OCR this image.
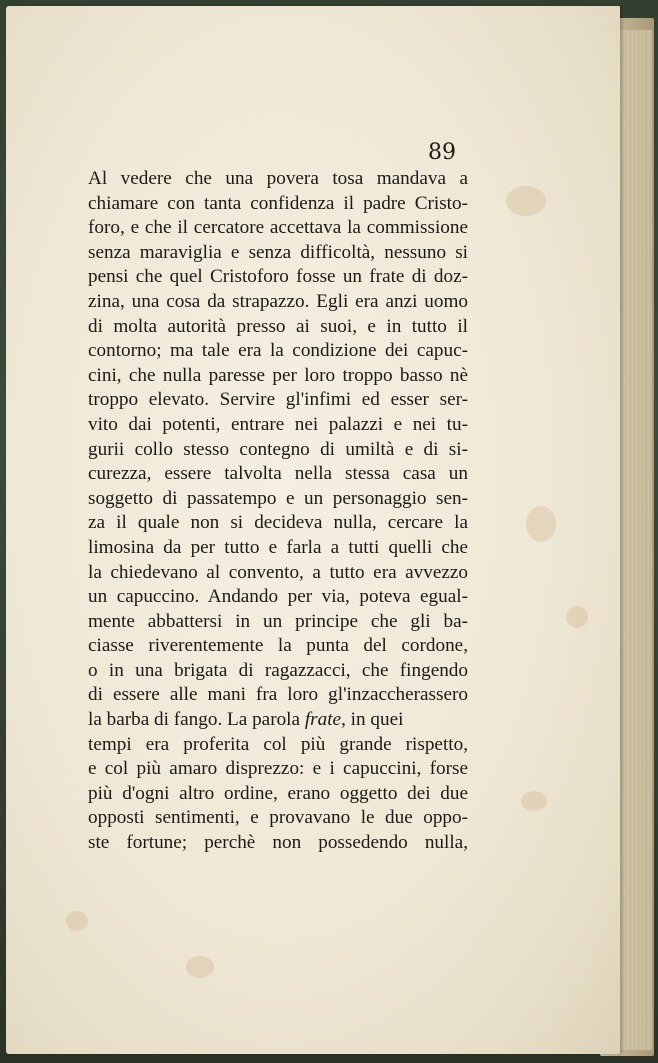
89

Al vedere che una povera tosa mandava a
chiamare con tanta confidenza il padre Cristo-
foro, e che il cercatore accettava la commissione
senza maraviglia e senza difficoltà, nessuno si
pensi che quel Cristoforo fosse un frate di doz-
zina, una cosa da strapazzo. Egli era anzi uomo
di molta autorità presso ai suoi, e in tutto il
contorno; ma tale era la condizione dei capuc-
cini, che nulla paresse per loro troppo basso nè
troppo elevato. Servire gl'infimi ed esser ser-
vito dai potenti, entrare nei palazzi e nei tu-
gurii collo stesso contegno di umiltà e di si-
curezza, essere talvolta nella stessa casa un
soggetto di passatempo e un personaggio sen-
za il quale non si decideva nulla, cercare la
limosina da per tutto e farla a tutti quelli che
la chiedevano al convento, a tutto era avvezzo
un capuccino. Andando per via, poteva egual-
mente abbattersi in un principe che gli ba-
ciasse riverentemente la punta del cordone,
o in una brigata di ragazzacci, che fingendo
di essere alle mani fra loro gl'inzaccherassero
la barba di fango. La parola frate, in quei
tempi era proferita col più grande rispetto,
e col più amaro disprezzo: e i capuccini, forse
più d'ogni altro ordine, erano oggetto dei due
opposti sentimenti, e provavano le due oppo-
ste fortune; perchè non possedendo nulla,
